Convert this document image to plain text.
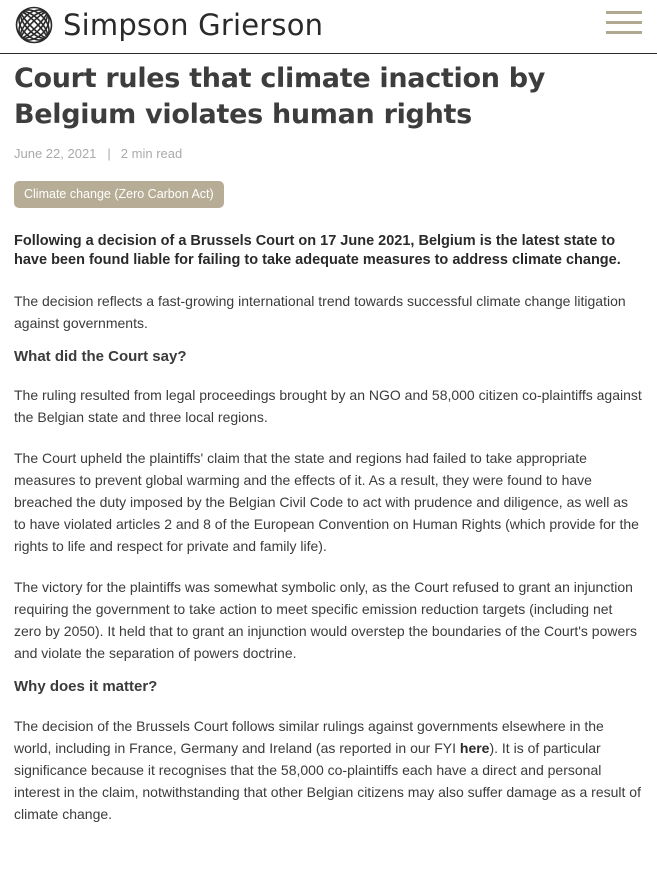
Simpson Grierson
Court rules that climate inaction by Belgium violates human rights
June 22, 2021 | 2 min read
Climate change (Zero Carbon Act)

Following a decision of a Brussels Court on 17 June 2021, Belgium is the latest state to have been found liable for failing to take adequate measures to address climate change.

The decision reflects a fast-growing international trend towards successful climate change litigation against governments.

What did the Court say?

The ruling resulted from legal proceedings brought by an NGO and 58,000 citizen co-plaintiffs against the Belgian state and three local regions.

The Court upheld the plaintiffs' claim that the state and regions had failed to take appropriate measures to prevent global warming and the effects of it. As a result, they were found to have breached the duty imposed by the Belgian Civil Code to act with prudence and diligence, as well as to have violated articles 2 and 8 of the European Convention on Human Rights (which provide for the rights to life and respect for private and family life).

The victory for the plaintiffs was somewhat symbolic only, as the Court refused to grant an injunction requiring the government to take action to meet specific emission reduction targets (including net zero by 2050). It held that to grant an injunction would overstep the boundaries of the Court's powers and violate the separation of powers doctrine.

Why does it matter?

The decision of the Brussels Court follows similar rulings against governments elsewhere in the world, including in France, Germany and Ireland (as reported in our FYI here). It is of particular significance because it recognises that the 58,000 co-plaintiffs each have a direct and personal interest in the claim, notwithstanding that other Belgian citizens may also suffer damage as a result of climate change.
